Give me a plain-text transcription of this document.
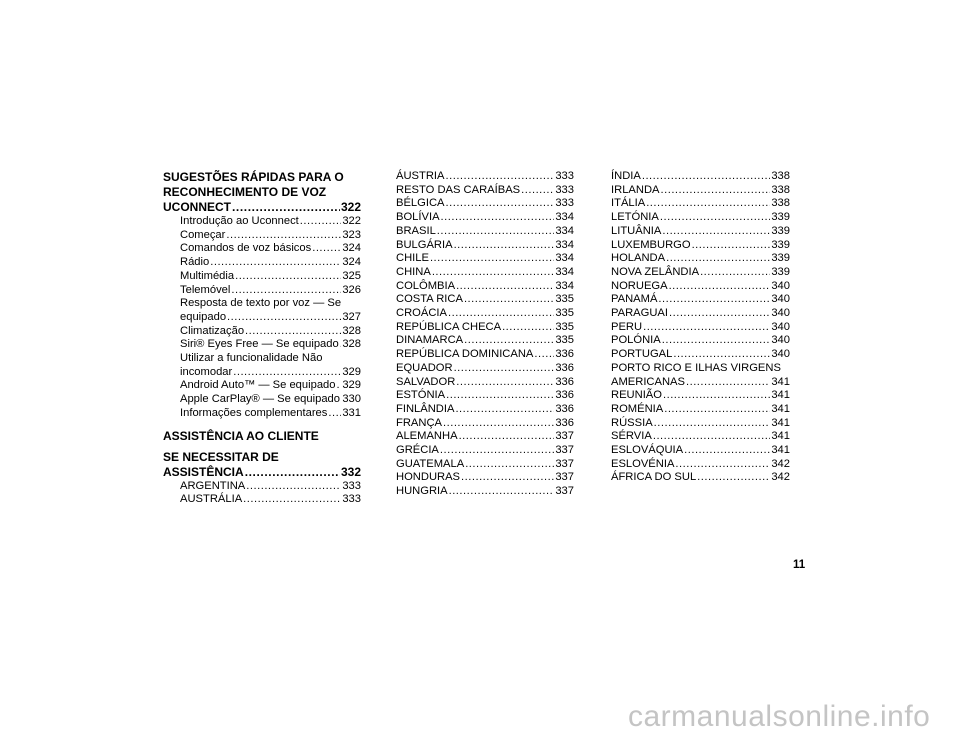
SUGESTÕES RÁPIDAS PARA O
RECONHECIMENTO DE VOZ
UCONNECT .....	322
Introdução ao Uconnect .....	322
Começar .....	323
Comandos de voz básicos .....	324
Rádio .....	324
Multimédia .....	325
Telemóvel .....	326
Resposta de texto por voz — Se
equipado .....	327
Climatização .....	328
Siri® Eyes Free — Se equipado ..... 328
Utilizar a funcionalidade Não
incomodar .....	329
Android Auto™ — Se equipado ..... 329
Apple CarPlay® — Se equipado ..... 330
Informações complementares ..... 331
ASSISTÊNCIA AO CLIENTE
SE NECESSITAR DE
ASSISTÊNCIA .....	332
ARGENTINA .....	333
AUSTRÁLIA .....	333
ÁUSTRIA .....	333
RESTO DAS CARAÍBAS .....	333
BÉLGICA .....	333
BOLÍVIA .....	334
BRASIL .....	334
BULGÁRIA .....	334
CHILE .....	334
CHINA .....	334
COLÔMBIA .....	334
COSTA RICA .....	335
CROÁCIA .....	335
REPÚBLICA CHECA .....	335
DINAMARCA .....	335
REPÚBLICA DOMINICANA ..... 336
EQUADOR .....	336
SALVADOR .....	336
ESTÓNIA .....	336
FINLÂNDIA .....	336
FRANÇA .....	336
ALEMANHA .....	337
GRÉCIA .....	337
GUATEMALA .....	337
HONDURAS .....	337
HUNGRIA .....	337
ÍNDIA .....	338
IRLANDA .....	338
ITÁLIA .....	338
LETÓNIA .....	339
LITUÂNIA .....	339
LUXEMBURGO .....	339
HOLANDA .....	339
NOVA ZELÂNDIA .....	339
NORUEGA .....	340
PANAMÁ .....	340
PARAGUAI .....	340
PERU .....	340
POLÓNIA .....	340
PORTUGAL .....	340
PORTO RICO E ILHAS VIRGENS
AMERICANAS .....	341
REUNIÃO .....	341
ROMÉNIA .....	341
RÚSSIA .....	341
SÉRVIA .....	341
ESLOVÁQUIA .....	341
ESLOVÉNIA .....	342
ÁFRICA DO SUL .....	342
11
carmanualsonline.info
